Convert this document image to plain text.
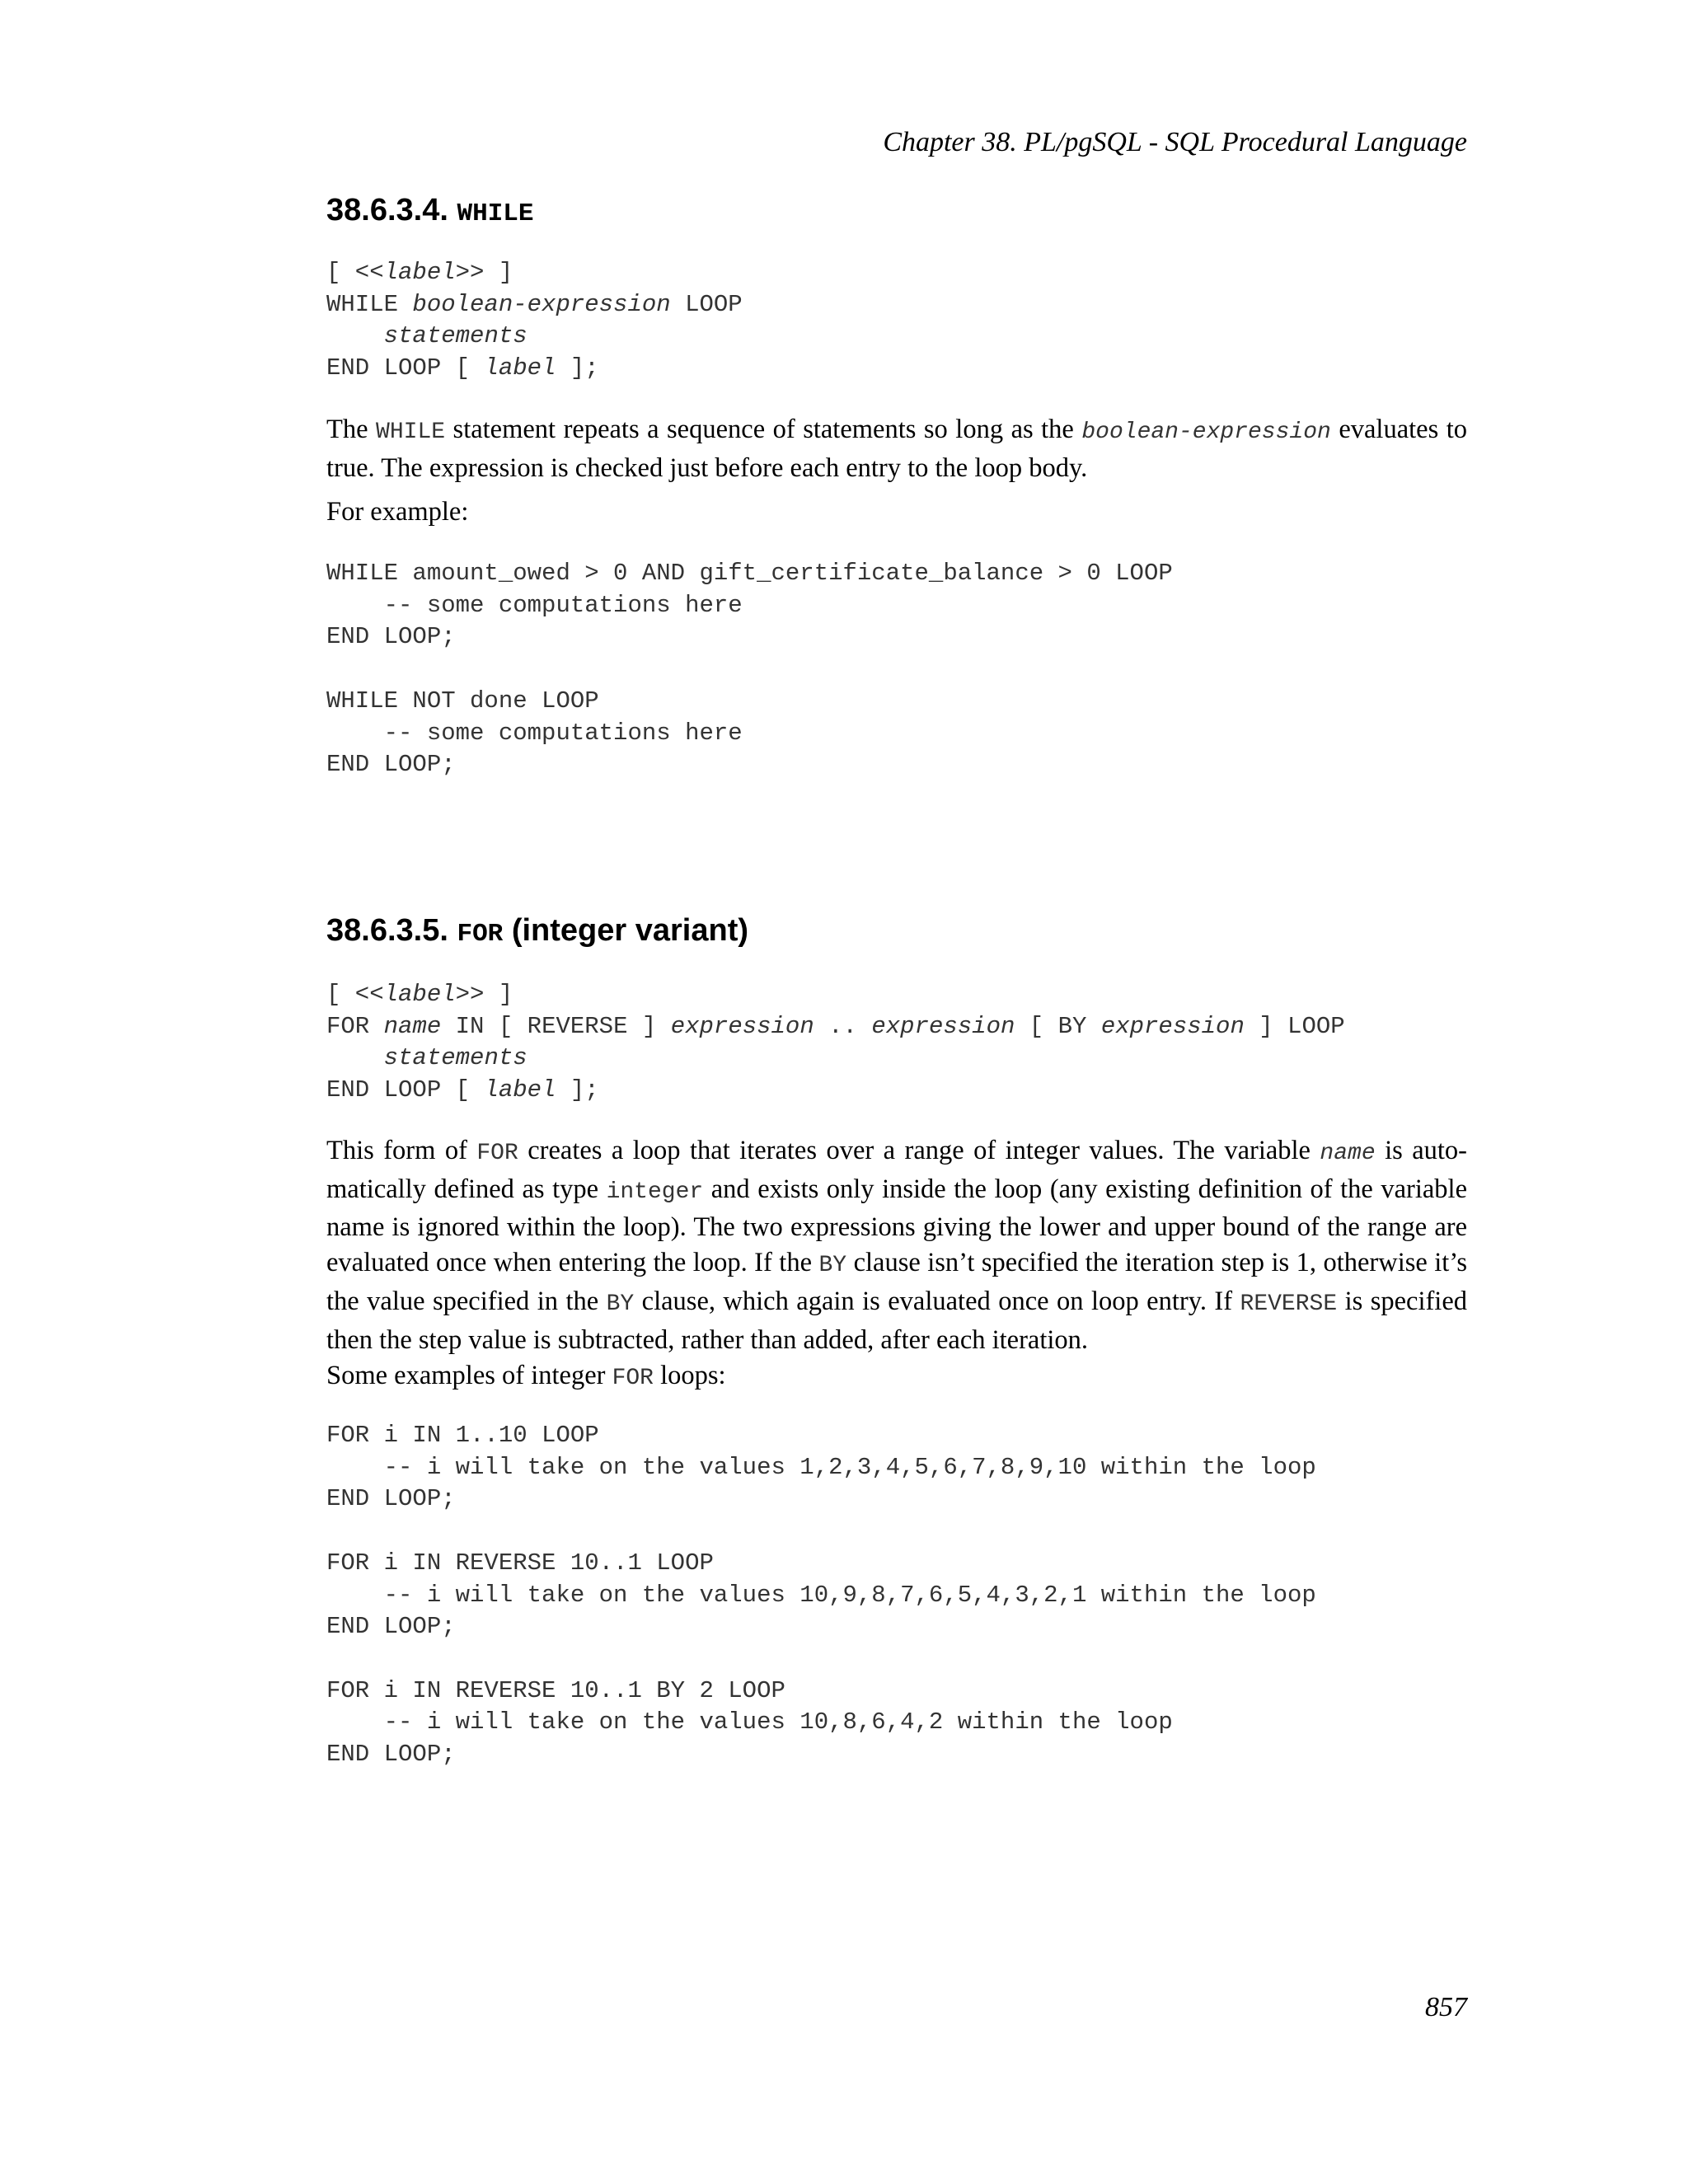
Chapter 38. PL/pgSQL - SQL Procedural Language
38.6.3.4. WHILE
[ <<label>> ]
WHILE boolean-expression LOOP
statements
END LOOP [ label ];

The WHILE statement repeats a sequence of statements so long as the boolean-expression evaluates to true. The expression is checked just before each entry to the loop body.

For example:

WHILE amount_owed > 0 AND gift_certificate_balance > 0 LOOP
-- some computations here
END LOOP;

WHILE NOT done LOOP
-- some computations here
END LOOP;
38.6.3.5. FOR (integer variant)
[ <<label>> ]
FOR name IN [ REVERSE ] expression .. expression [ BY expression ] LOOP
statements
END LOOP [ label ];

This form of FOR creates a loop that iterates over a range of integer values. The variable name is auto- matically defined as type integer and exists only inside the loop (any existing definition of the variable name is ignored within the loop). The two expressions giving the lower and upper bound of the range are evaluated once when entering the loop. If the BY clause isn’t specified the iteration step is 1, otherwise it’s the value specified in the BY clause, which again is evaluated once on loop entry. If REVERSE is specified then the step value is subtracted, rather than added, after each iteration.

Some examples of integer FOR loops:

FOR i IN 1..10 LOOP
-- i will take on the values 1,2,3,4,5,6,7,8,9,10 within the loop
END LOOP;

FOR i IN REVERSE 10..1 LOOP
-- i will take on the values 10,9,8,7,6,5,4,3,2,1 within the loop
END LOOP;

FOR i IN REVERSE 10..1 BY 2 LOOP
-- i will take on the values 10,8,6,4,2 within the loop
END LOOP;
857
